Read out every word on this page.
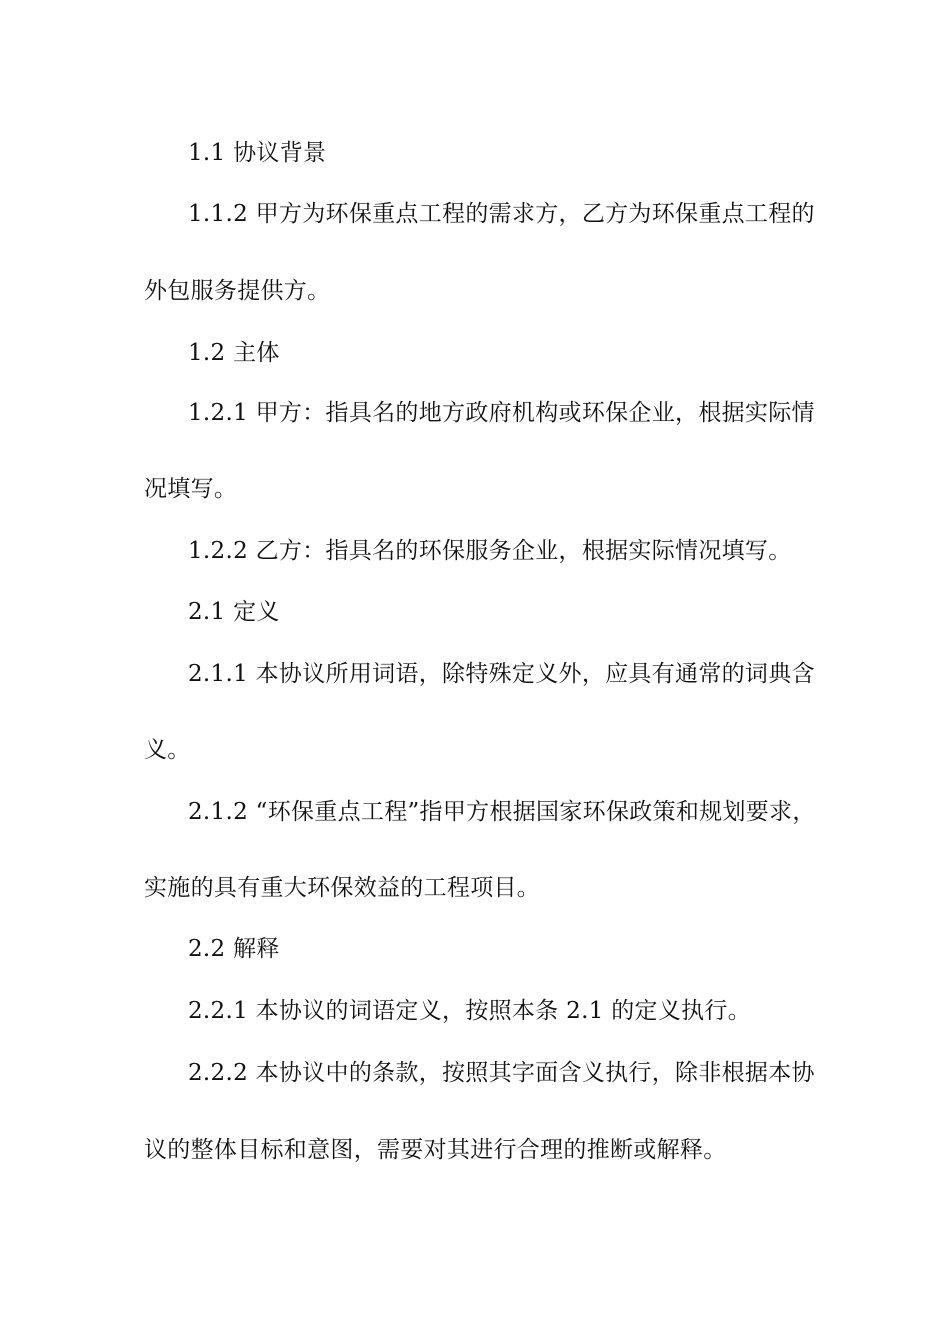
1.1 协议背景
1.1.2 甲方为环保重点工程的需求方，乙方为环保重点工程的
外包服务提供方。
1.2 主体
1.2.1 甲方：指具名的地方政府机构或环保企业，根据实际情
况填写。
1.2.2 乙方：指具名的环保服务企业，根据实际情况填写。
2.1 定义
2.1.1 本协议所用词语，除特殊定义外，应具有通常的词典含
义。
2.1.2 “环保重点工程”指甲方根据国家环保政策和规划要求，
实施的具有重大环保效益的工程项目。
2.2 解释
2.2.1 本协议的词语定义，按照本条 2.1 的定义执行。
2.2.2 本协议中的条款，按照其字面含义执行，除非根据本协
议的整体目标和意图，需要对其进行合理的推断或解释。
